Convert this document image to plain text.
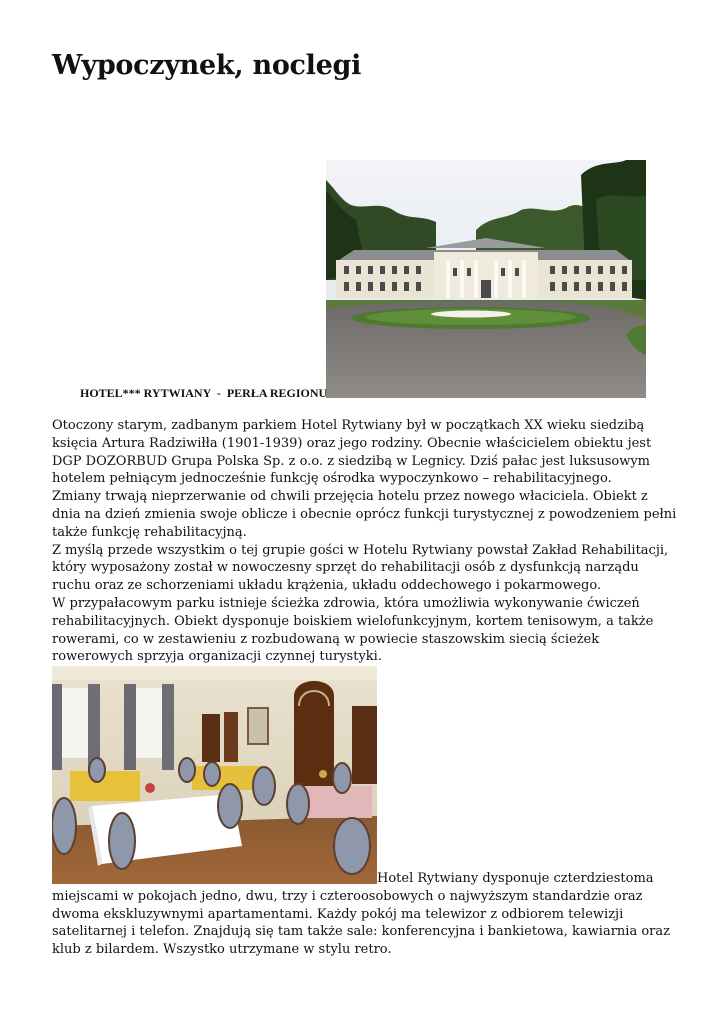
Wypoczynek, noclegi

HOTEL*** RYTWIANY  -  PERŁA REGIONU

Otoczony starym, zadbanym parkiem Hotel Rytwiany był w początkach XX wieku siedzibą księcia Artura Radziwiłła (1901-1939) oraz jego rodziny. Obecnie właścicielem obiektu jest DGP DOZORBUD Grupa Polska Sp. z o.o. z siedzibą w Legnicy. Dziś pałac jest luksusowym hotelem pełniącym jednocześnie funkcję ośrodka wypoczynkowo – rehabilitacyjnego.
Zmiany trwają nieprzerwanie od chwili przejęcia hotelu przez nowego właciciela. Obiekt z dnia na dzień zmienia swoje oblicze i obecnie oprócz funkcji turystycznej z powodzeniem pełni także funkcję rehabilitacyjną.
Z myślą przede wszystkim o tej grupie gości w Hotelu Rytwiany powstał Zakład Rehabilitacji, który wyposażony został w nowoczesny sprzęt do rehabilitacji osób z dysfunkcją narządu ruchu oraz ze schorzeniami układu krążenia, układu oddechowego i pokarmowego.
W przypałacowym parku istnieje ścieżka zdrowia, która umożliwia wykonywanie ćwiczeń rehabilitacyjnych. Obiekt dysponuje boiskiem wielofunkcyjnym, kortem tenisowym, a także rowerami, co w zestawieniu z rozbudowaną w powiecie staszowskim siecią ścieżek rowerowych sprzyja organizacji czynnej turystyki.
Hotel Rytwiany dysponuje czterdziestoma miejscami w pokojach jedno, dwu, trzy i czteroosobowych o najwyższym standardzie oraz dwoma ekskluzywnymi apartamentami. Każdy pokój ma telewizor z odbiorem telewizji satelitarnej i telefon. Znajdują się tam także sale: konferencyjna i bankietowa, kawiarnia oraz klub z bilardem. Wszystko utrzymane w stylu retro.
